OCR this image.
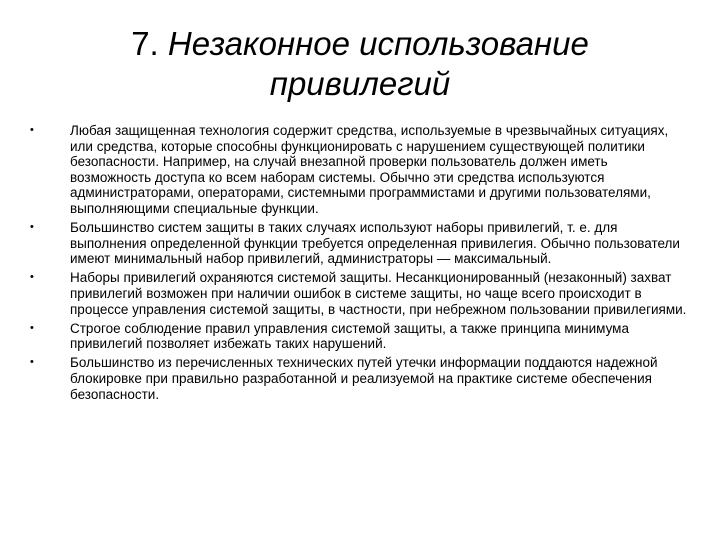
7. Незаконное использование привилегий
•	Любая защищенная технология содержит средства, используемые в чрезвычайных ситуациях, или средства, которые способны функционировать с нарушением существующей политики безопасности. Например, на случай внезапной проверки пользователь должен иметь возможность доступа ко всем наборам системы. Обычно эти средства используются администраторами, операторами, системными программистами и другими пользователями, выполняющими специальные функции.
•	Большинство систем защиты в таких случаях используют наборы привилегий, т. е. для выполнения определенной функции требуется определенная привилегия. Обычно пользователи имеют минимальный набор привилегий, администраторы — максимальный.
•	Наборы привилегий охраняются системой защиты. Несанкционированный (незаконный) захват привилегий возможен при наличии ошибок в системе защиты, но чаще всего происходит в процессе управления системой защиты, в частности, при небрежном пользовании привилегиями.
•	Строгое соблюдение правил управления системой защиты, а также принципа минимума привилегий позволяет избежать таких нарушений.
•	Большинство из перечисленных технических путей утечки информации поддаются надежной блокировке при правильно разработанной и реализуемой на практике системе обеспечения безопасности.
